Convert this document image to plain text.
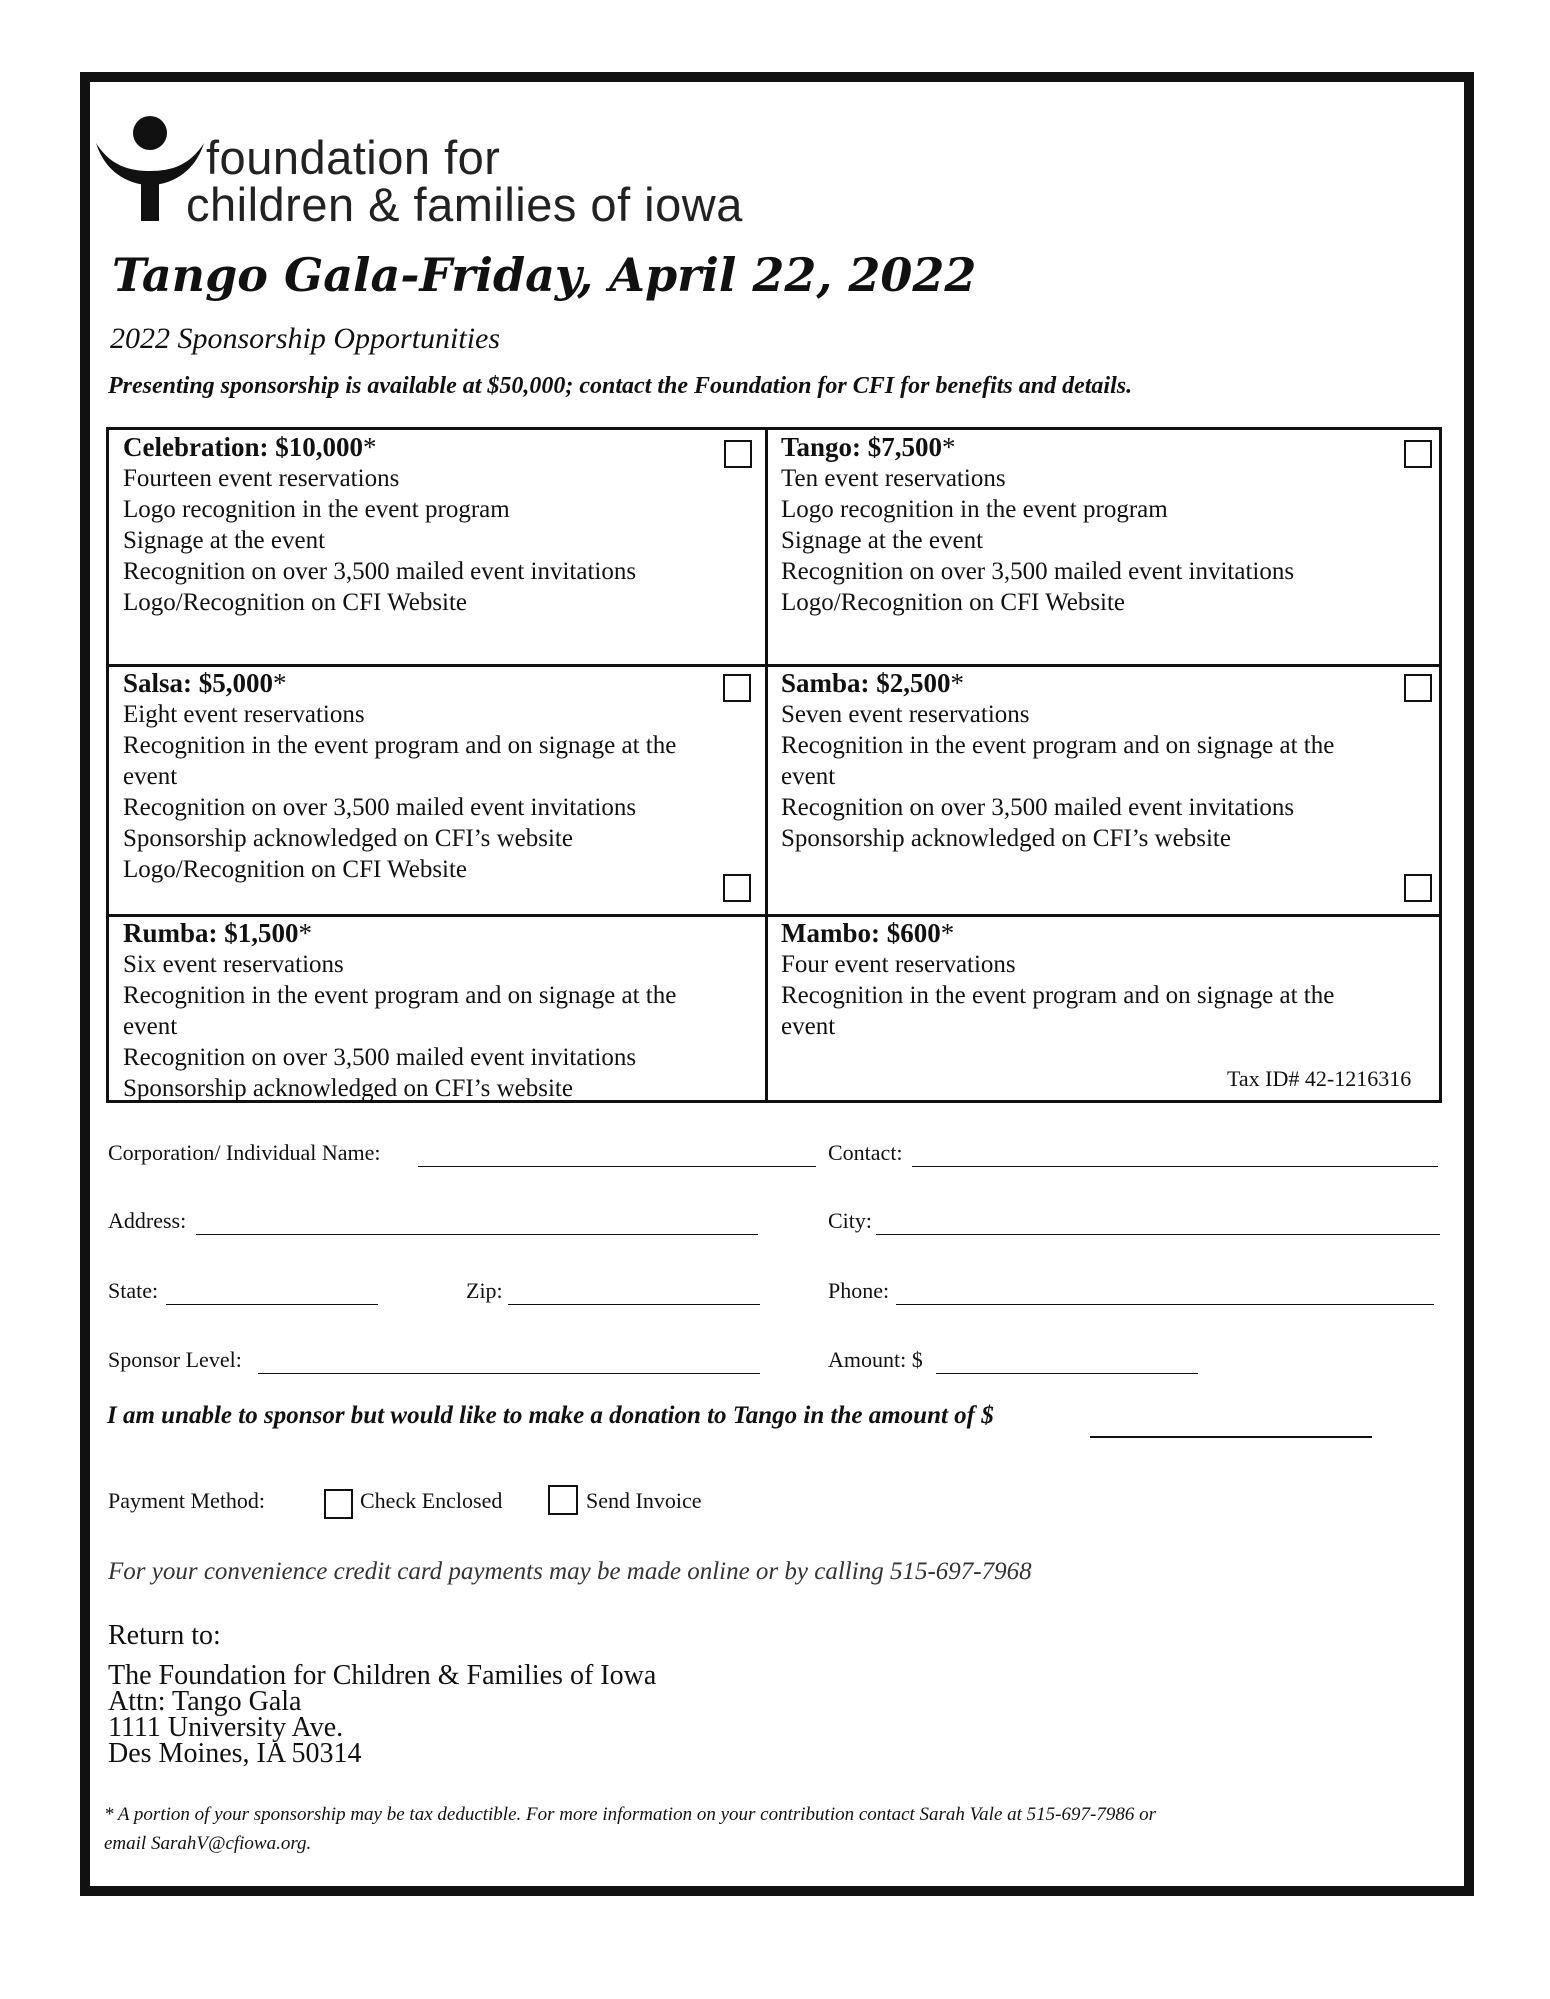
foundation for
children & families of iowa
Tango Gala-Friday, April 22, 2022
2022 Sponsorship Opportunities
Presenting sponsorship is available at $50,000; contact the Foundation for CFI for benefits and details.
Celebration: $10,000*
Fourteen event reservations
Logo recognition in the event program
Signage at the event
Recognition on over 3,500 mailed event invitations
Logo/Recognition on CFI Website
Tango: $7,500*
Ten event reservations
Logo recognition in the event program
Signage at the event
Recognition on over 3,500 mailed event invitations
Logo/Recognition on CFI Website
Salsa: $5,000*
Eight event reservations
Recognition in the event program and on signage at the
event
Recognition on over 3,500 mailed event invitations
Sponsorship acknowledged on CFI’s website
Logo/Recognition on CFI Website
Samba: $2,500*
Seven event reservations
Recognition in the event program and on signage at the
event
Recognition on over 3,500 mailed event invitations
Sponsorship acknowledged on CFI’s website
Rumba: $1,500*
Six event reservations
Recognition in the event program and on signage at the
event
Recognition on over 3,500 mailed event invitations
Sponsorship acknowledged on CFI’s website
Mambo: $600*
Four event reservations
Recognition in the event program and on signage at the
event
Tax ID# 42-1216316
Corporation/ Individual Name:	Contact:
Address:	City:
State:	Zip:	Phone:
Sponsor Level:	Amount: $
I am unable to sponsor but would like to make a donation to Tango in the amount of $
Payment Method:	Check Enclosed	Send Invoice
For your convenience credit card payments may be made online or by calling 515-697-7968
Return to:
The Foundation for Children & Families of Iowa
Attn: Tango Gala
1111 University Ave.
Des Moines, IA 50314
* A portion of your sponsorship may be tax deductible. For more information on your contribution contact Sarah Vale at 515-697-7986 or
email SarahV@cfiowa.org.
